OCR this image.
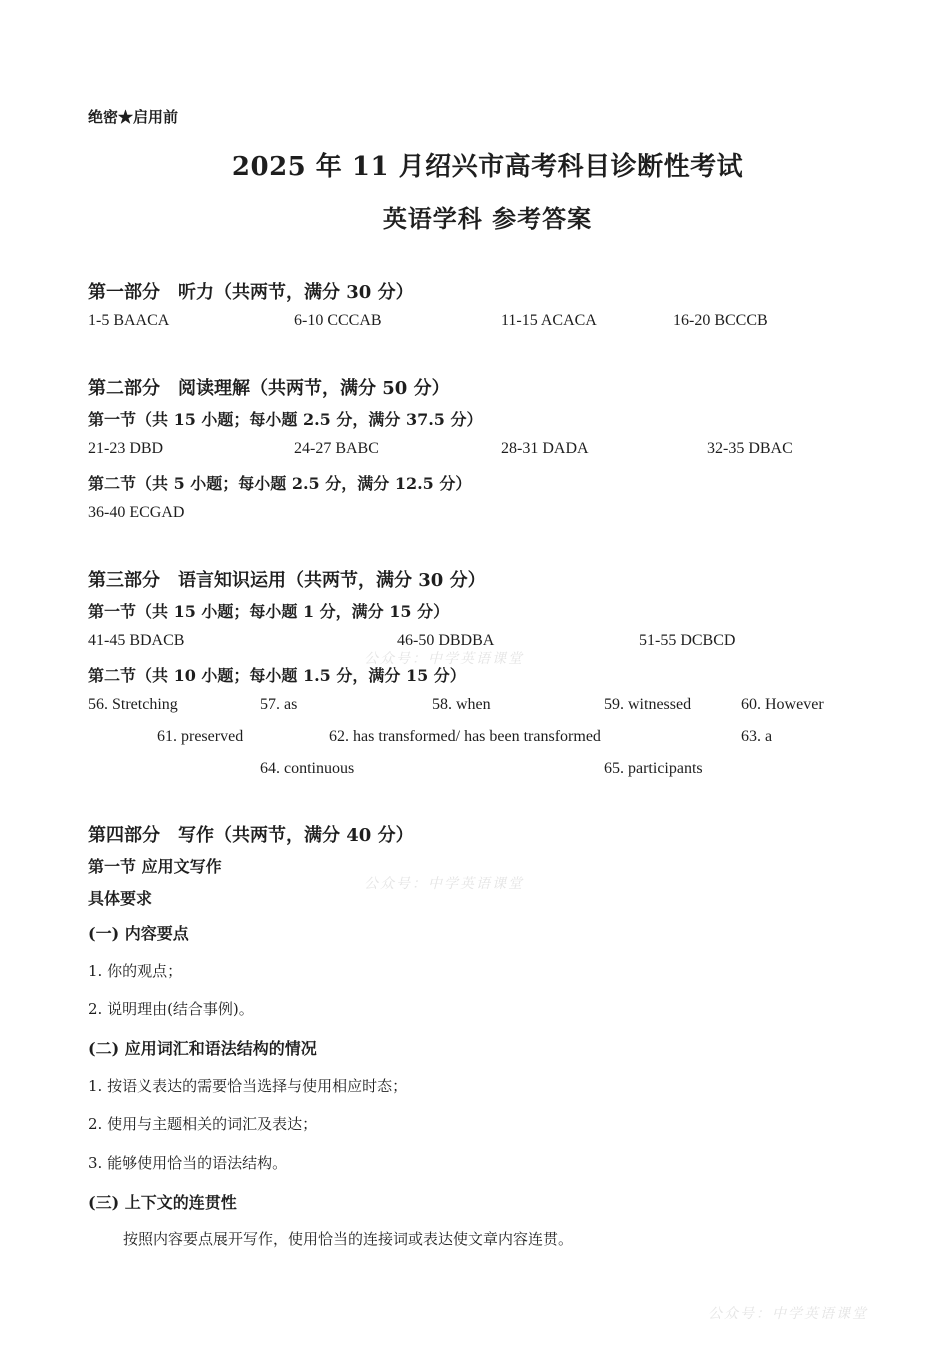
绝密★启用前
2025 年 11 月绍兴市高考科目诊断性考试
英语学科 参考答案
第一部分　听力（共两节，满分 30 分）
1-5 BAACA	6-10 CCCAB	11-15 ACACA	16-20 BCCCB
第二部分　阅读理解（共两节，满分 50 分）
第一节（共 15 小题；每小题 2.5 分，满分 37.5 分）
21-23 DBD	24-27 BABC	28-31 DADA	32-35 DBAC
第二节（共 5 小题；每小题 2.5 分，满分 12.5 分）
36-40 ECGAD
第三部分　语言知识运用（共两节，满分 30 分）
第一节（共 15 小题；每小题 1 分，满分 15 分）
41-45 BDACB	46-50 DBDBA	51-55 DCBCD
公众号：中学英语课堂
第二节（共 10 小题；每小题 1.5 分，满分 15 分）
56. Stretching	57. as	58. when	59. witnessed	60. However
61. preserved	62. has transformed/ has been transformed	63. a
64. continuous	65. participants
第四部分　写作（共两节，满分 40 分）
第一节 应用文写作
公众号：中学英语课堂
具体要求
(一) 内容要点
1. 你的观点；
2. 说明理由(结合事例)。
(二) 应用词汇和语法结构的情况
1. 按语义表达的需要恰当选择与使用相应时态；
2. 使用与主题相关的词汇及表达；
3. 能够使用恰当的语法结构。
(三) 上下文的连贯性
按照内容要点展开写作，使用恰当的连接词或表达使文章内容连贯。
公众号：中学英语课堂
